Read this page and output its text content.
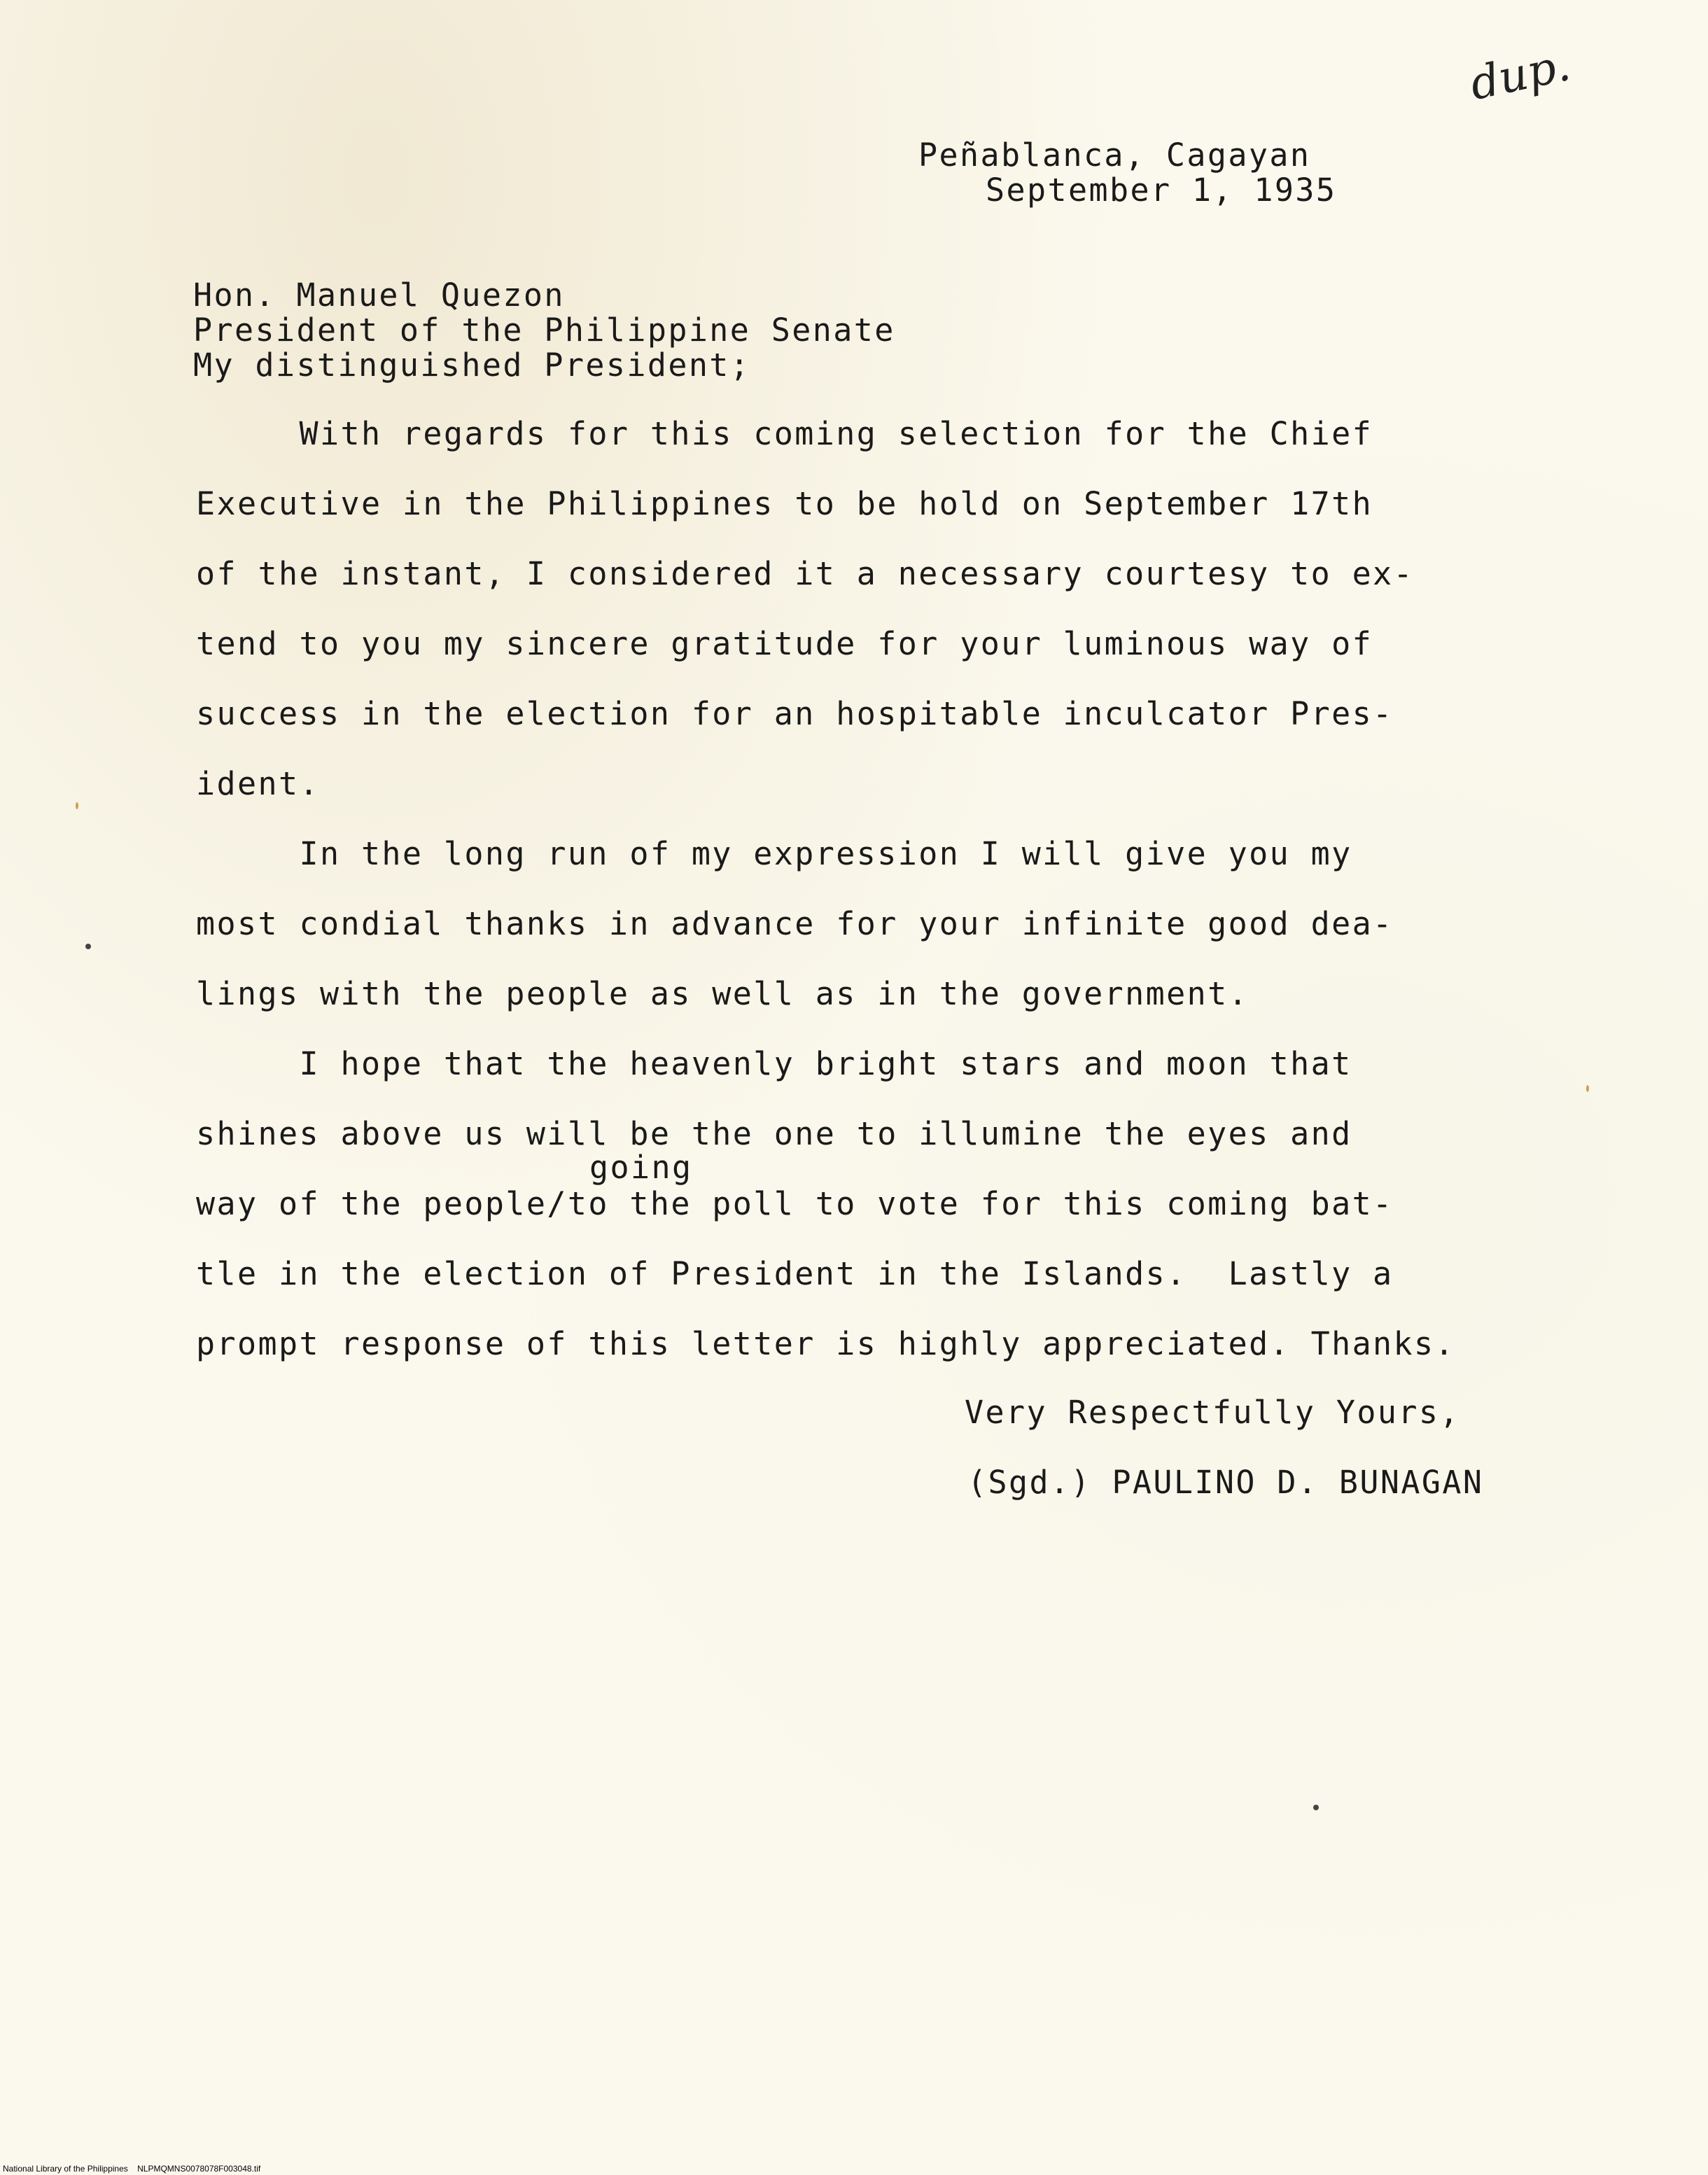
dup.
Peñablanca, Cagayan
September 1, 1935
Hon. Manuel Quezon
President of the Philippine Senate
My distinguished President;
With regards for this coming selection for the Chief
Executive in the Philippines to be hold on September 17th
of the instant, I considered it a necessary courtesy to ex-
tend to you my sincere gratitude for your luminous way of
success in the election for an hospitable inculcator Pres-
ident.
In the long run of my expression I will give you my
most condial thanks in advance for your infinite good dea-
lings with the people as well as in the government.
I hope that the heavenly bright stars and moon that
shines above us will be the one to illumine the eyes and
going
way of the people/to the poll to vote for this coming bat-
tle in the election of President in the Islands.  Lastly a
prompt response of this letter is highly appreciated. Thanks.
Very Respectfully Yours,
(Sgd.) PAULINO D. BUNAGAN
National Library of the Philippines    NLPMQMNS0078078F003048.tif
